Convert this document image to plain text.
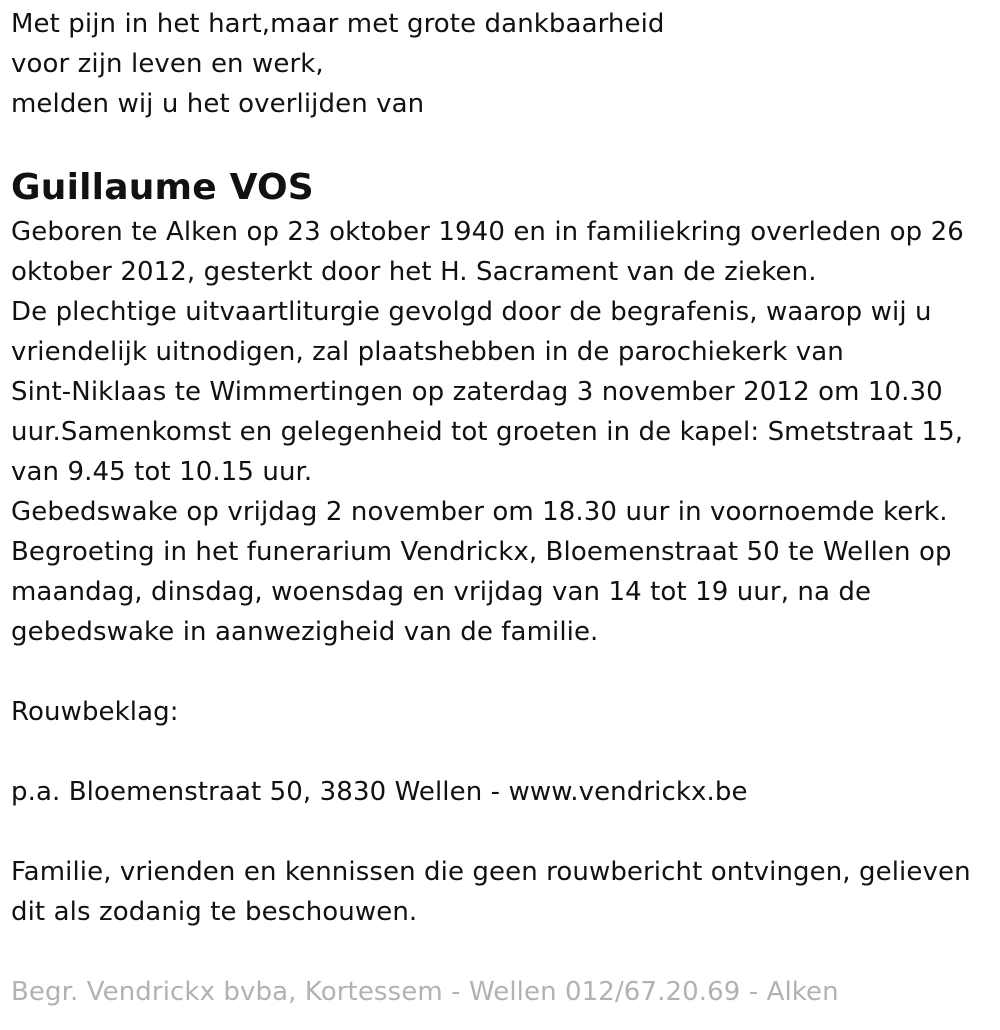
Met pijn in het hart,maar met grote dankbaarheid
voor zijn leven en werk,
melden wij u het overlijden van
Guillaume VOS
Geboren te Alken op 23 oktober 1940 en in familiekring overleden op 26
oktober 2012, gesterkt door het H. Sacrament van de zieken.
De plechtige uitvaartliturgie gevolgd door de begrafenis, waarop wij u
vriendelijk uitnodigen, zal plaatshebben in de parochiekerk van
Sint-Niklaas te Wimmertingen op zaterdag 3 november 2012 om 10.30
uur.Samenkomst en gelegenheid tot groeten in de kapel: Smetstraat 15,
van 9.45 tot 10.15 uur.
Gebedswake op vrijdag 2 november om 18.30 uur in voornoemde kerk.
Begroeting in het funerarium Vendrickx, Bloemenstraat 50 te Wellen op
maandag, dinsdag, woensdag en vrijdag van 14 tot 19 uur, na de
gebedswake in aanwezigheid van de familie.
Rouwbeklag:
p.a. Bloemenstraat 50, 3830 Wellen - www.vendrickx.be
Familie, vrienden en kennissen die geen rouwbericht ontvingen, gelieven
dit als zodanig te beschouwen.
Begr. Vendrickx bvba, Kortessem - Wellen 012/67.20.69 - Alken
